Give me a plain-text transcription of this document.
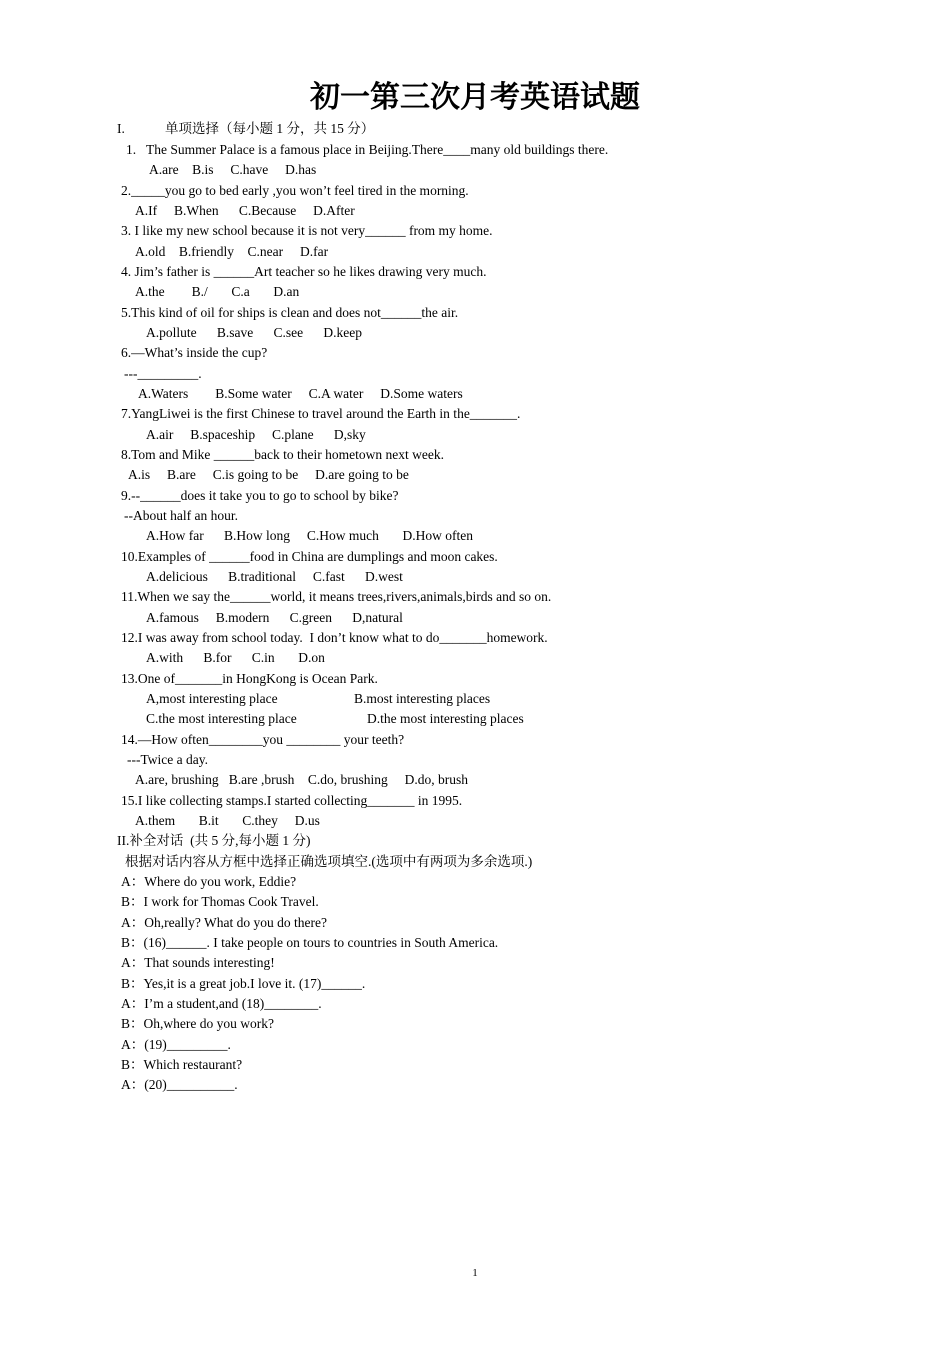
初一第三次月考英语试题
I.	单项选择（每小题 1 分，共 15 分）
1.   The Summer Palace is a famous place in Beijing.There____many old buildings there.
A.are    B.is     C.have     D.has
2._____you go to bed early ,you won’t feel tired in the morning.
A.If     B.When      C.Because     D.After
3. I like my new school because it is not very______ from my home.
A.old    B.friendly    C.near     D.far
4. Jim’s father is ______Art teacher so he likes drawing very much.
A.the        B./       C.a       D.an
5.This kind of oil for ships is clean and does not______the air.
A.pollute      B.save      C.see      D.keep
6.—What’s inside the cup?
---_________.
A.Waters        B.Some water     C.A water     D.Some waters
7.YangLiwei is the first Chinese to travel around the Earth in the_______.
A.air     B.spaceship     C.plane      D,sky
8.Tom and Mike ______back to their hometown next week.
A.is     B.are     C.is going to be     D.are going to be
9.--______does it take you to go to school by bike?
--About half an hour.
A.How far      B.How long     C.How much       D.How often
10.Examples of ______food in China are dumplings and moon cakes.
A.delicious      B.traditional     C.fast      D.west
11.When we say the______world, it means trees,rivers,animals,birds and so on.
A.famous     B.modern      C.green      D,natural
12.I was away from school today.  I don’t know what to do_______homework.
A.with      B.for      C.in       D.on
13.One of_______in HongKong is Ocean Park.
A,most interesting place	B.most interesting places
C.the most interesting place	D.the most interesting places
14.—How often________you ________ your teeth?
---Twice a day.
A.are, brushing   B.are ,brush    C.do, brushing     D.do, brush
15.I like collecting stamps.I started collecting_______ in 1995.
A.them       B.it       C.they     D.us
II.补全对话  (共 5 分,每小题 1 分)
根据对话内容从方框中选择正确选项填空.(选项中有两项为多余选项.)
A：Where do you work, Eddie?
B：I work for Thomas Cook Travel.
A：Oh,really? What do you do there?
B：(16)______. I take people on tours to countries in South America.
A：That sounds interesting!
B：Yes,it is a great job.I love it. (17)______.
A：I’m a student,and (18)________.
B：Oh,where do you work?
A：(19)_________.
B：Which restaurant?
A：(20)__________.
1
